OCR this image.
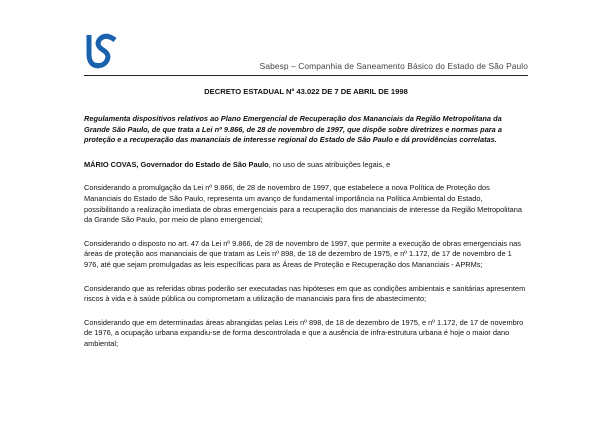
Sabesp – Companhia de Saneamento Básico do Estado de São Paulo
DECRETO ESTADUAL Nº 43.022 DE 7 DE ABRIL DE 1998

Regulamenta dispositivos relativos ao Plano Emergencial de Recuperação dos Mananciais da Região Metropolitana da Grande São Paulo, de que trata a Lei nº 9.866, de 28 de novembro de 1997, que dispõe sobre diretrizes e normas para a proteção e a recuperação das mananciais de interesse regional do Estado de São Paulo e dá providências correlatas.

MÁRIO COVAS, Governador do Estado de São Paulo, no uso de suas atribuições legais, e

Considerando a promulgação da Lei nº 9.866, de 28 de novembro de 1997, que estabelece a nova Política de Proteção dos Mananciais do Estado de São Paulo, representa um avanço de fundamental importância na Política Ambiental do Estado, possibilitando a realização imediata de obras emergenciais para a recuperação dos mananciais de interesse da Região Metropolitana da Grande São Paulo, por meio de plano emergencial;

Considerando o disposto no art. 47 da Lei nº 9.866, de 28 de novembro de 1997, que permite a execução de obras emergenciais nas áreas de proteção aos mananciais de que tratam as Leis nº 898, de 18 de dezembro de 1975, e nº 1.172, de 17 de novembro de 1 976, até que sejam promulgadas as leis específicas para as Áreas de Proteção e Recuperação dos Mananciais - APRMs;

Considerando que as referidas obras poderão ser executadas nas hipóteses em que as condições ambientais e sanitárias apresentem riscos à vida e à saúde pública ou comprometam a utilização de mananciais para fins de abastecimento;

Considerando que em determinadas áreas abrangidas pelas Leis nº 898, de 18 de dezembro de 1975, e nº 1.172, de 17 de novembro de 1976, a ocupação urbana expandiu-se de forma descontrolada e que a ausência de infra-estrutura urbana é hoje o maior dano ambiental;
